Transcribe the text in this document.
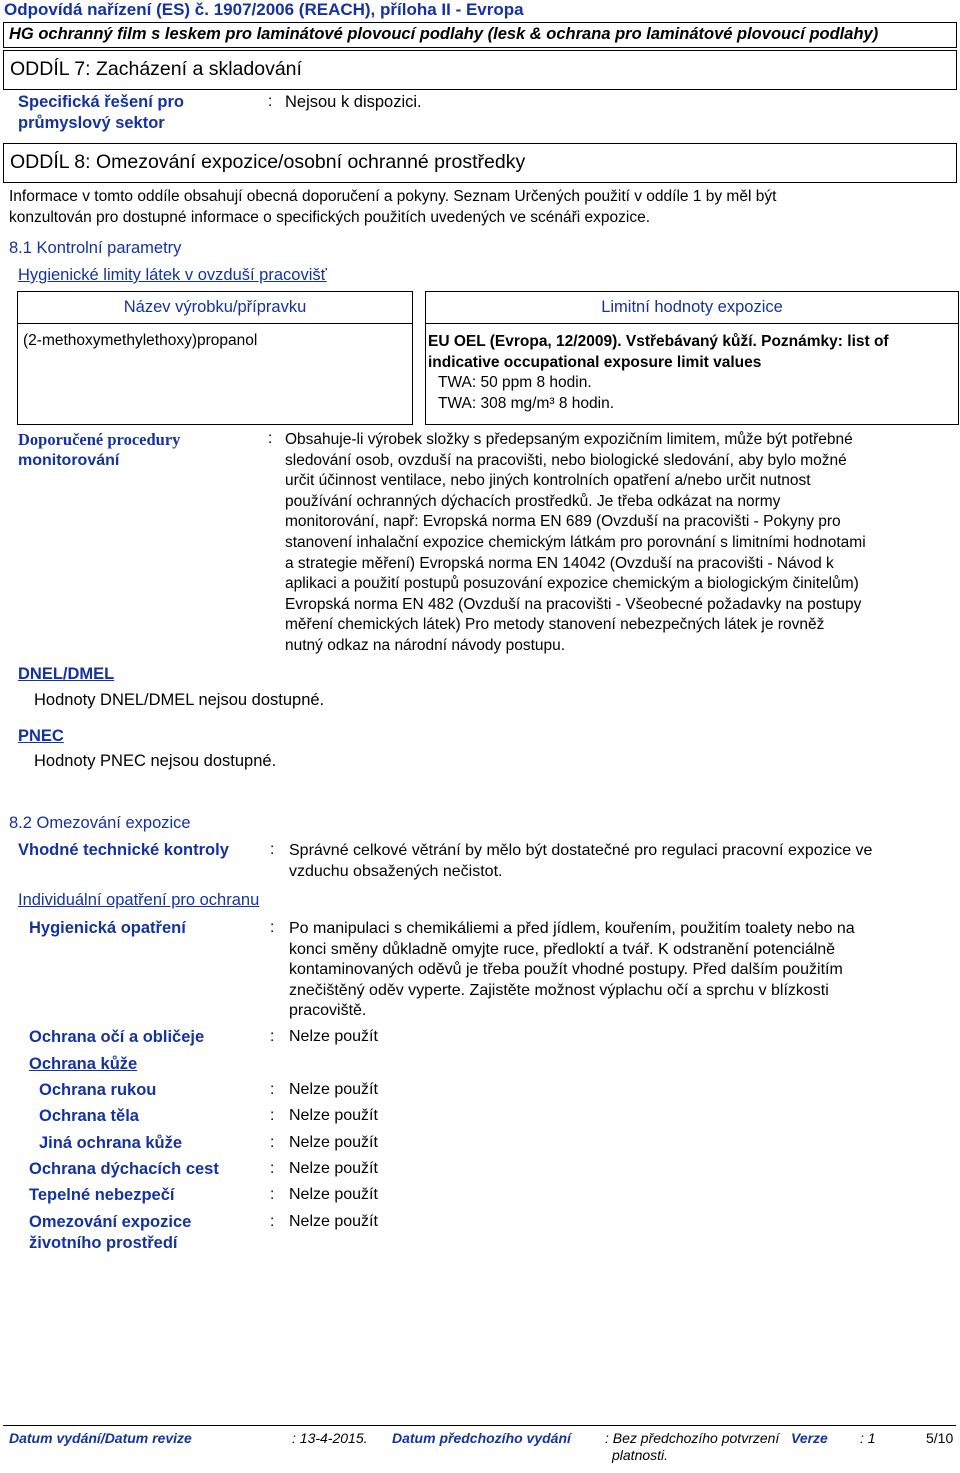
Odpovídá nařízení (ES) č. 1907/2006 (REACH), příloha II - Evropa
HG ochranný film s leskem pro laminátové plovoucí podlahy (lesk & ochrana pro laminátové plovoucí podlahy)
ODDÍL 7: Zacházení a skladování
Specifická řešení pro
průmyslový sektor
: Nejsou k dispozici.
ODDÍL 8: Omezování expozice/osobní ochranné prostředky
Informace v tomto oddíle obsahují obecná doporučení a pokyny. Seznam Určených použití v oddíle 1 by měl být
konzultován pro dostupné informace o specifických použitích uvedených ve scénáři expozice.
8.1 Kontrolní parametry
Hygienické limity látek v ovzduší pracovišť
Název výrobku/přípravku		Limitní hodnoty expozice

(2-methoxymethylethoxy)propanol		EU OEL (Evropa, 12/2009). Vstřebávaný kůží. Poznámky: list of
indicative occupational exposure limit values
TWA: 50 ppm 8 hodin.
TWA: 308 mg/m³ 8 hodin.
Doporučené procedury
monitorování
: Obsahuje-li výrobek složky s předepsaným expozičním limitem, může být potřebné
sledování osob, ovzduší na pracovišti, nebo biologické sledování, aby bylo možné
určit účinnost ventilace, nebo jiných kontrolních opatření a/nebo určit nutnost
používání ochranných dýchacích prostředků. Je třeba odkázat na normy
monitorování, např: Evropská norma EN 689 (Ovzduší na pracovišti - Pokyny pro
stanovení inhalační expozice chemickým látkám pro porovnání s limitními hodnotami
a strategie měření) Evropská norma EN 14042 (Ovzduší na pracovišti - Návod k
aplikaci a použití postupů posuzování expozice chemickým a biologickým činitelům)
Evropská norma EN 482 (Ovzduší na pracovišti - Všeobecné požadavky na postupy
měření chemických látek) Pro metody stanovení nebezpečných látek je rovněž
nutný odkaz na národní návody postupu.
DNEL/DMEL
Hodnoty DNEL/DMEL nejsou dostupné.
PNEC
Hodnoty PNEC nejsou dostupné.
8.2 Omezování expozice
Vhodné technické kontroly	: Správné celkové větrání by mělo být dostatečné pro regulaci pracovní expozice ve
vzduchu obsažených nečistot.
Individuální opatření pro ochranu
Hygienická opatření	: Po manipulaci s chemikáliemi a před jídlem, kouřením, použitím toalety nebo na
konci směny důkladně omyjte ruce, předloktí a tvář. K odstranění potenciálně
kontaminovaných oděvů je třeba použít vhodné postupy. Před dalším použitím
znečištěný oděv vyperte. Zajistěte možnost výplachu očí a sprchu v blízkosti
pracoviště.
Ochrana očí a obličeje	: Nelze použít
Ochrana kůže
Ochrana rukou	: Nelze použít
Ochrana těla	: Nelze použít
Jiná ochrana kůže	: Nelze použít
Ochrana dýchacích cest	: Nelze použít
Tepelné nebezpečí	: Nelze použít
Omezování expozice
životního prostředí
: Nelze použít
Datum vydání/Datum revize	: 13-4-2015. Datum předchozího vydání : Bez předchozího potvrzení
platnosti.
Verze : 1	5/10
